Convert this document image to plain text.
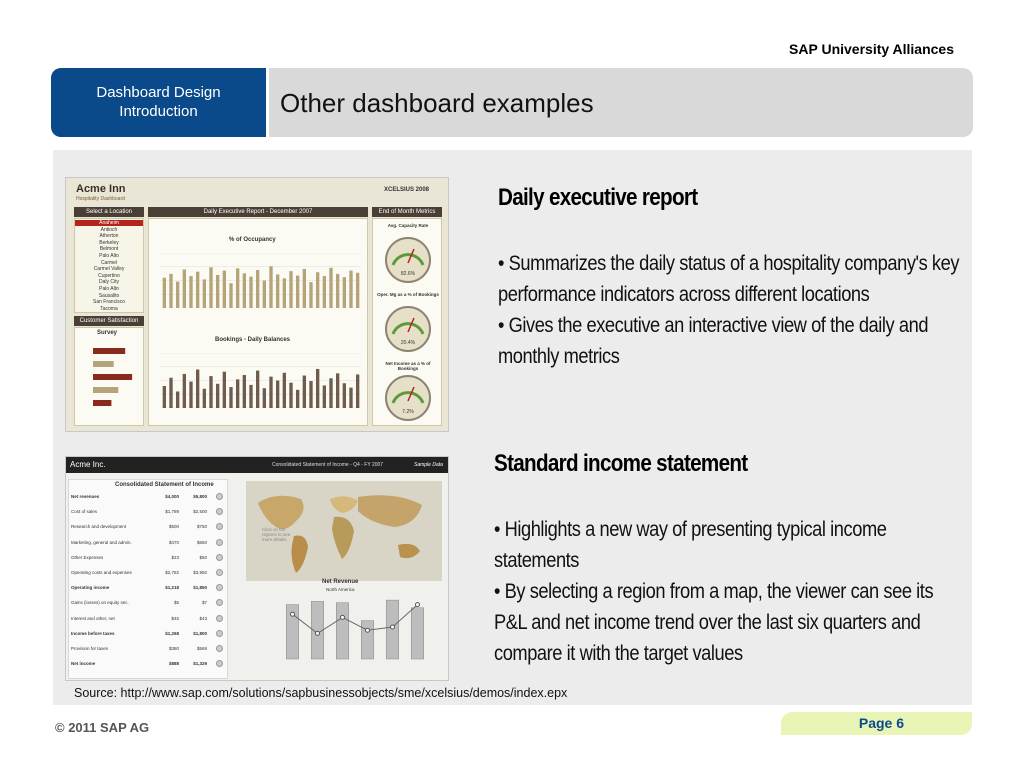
SAP University Alliances
Dashboard Design
Introduction	Other dashboard examples
Acme Inn
Hospitality Dashboard
XCELSIUS 2008
Select a Location
Anaheim
Antioch
Atherton
Berkeley
Belmont
Palo Alto
Carmel
Carmel Valley
Cupertino
Daly City
Palo Alto
Sausalito
San Francisco
Tacoma
Daily Executive Report - December 2007
% of Occupancy
Bookings - Daily Balances
End of Month Metrics
Avg. Capacity Rate
82.6%
Oper. Mg as a % of Bookings
20.4%
Net Income as a % of Bookings
7.2%
Customer Satisfaction
Survey
Acme Inc.	Consolidated Statement of Income - Q4 - FY 2007	Sample Data
Consolidated Statement of Income
Net revenues	$4,000	$5,800
Cost of sales	$1,789	$2,500
Research and development	$500	$750
Marketing, general and admin.	$470	$650
Other Expenses	$23	$50
Operating costs and expenses	$2,782	$3,950
Operating income	$1,218	$1,850
Gains (losses) on equity sec.	$5	$7
Interest and other, net	$45	$43
Income before taxes	$1,268	$1,800
Provision for taxes	$380	$569
Net income	$888	$1,329
Click on the regions to see more details
Net Revenue
North America
Daily executive report
• Summarizes the daily status of a hospitality company's key performance indicators across different locations
• Gives the executive an interactive view of the daily and monthly metrics
Standard income statement
• Highlights a new way of presenting typical income statements
• By selecting a region from a map, the viewer can see its P&L and net income trend over the last six quarters and compare it with the target values
Source: http://www.sap.com/solutions/sapbusinessobjects/sme/xcelsius/demos/index.epx
© 2011 SAP AG	Page 6
